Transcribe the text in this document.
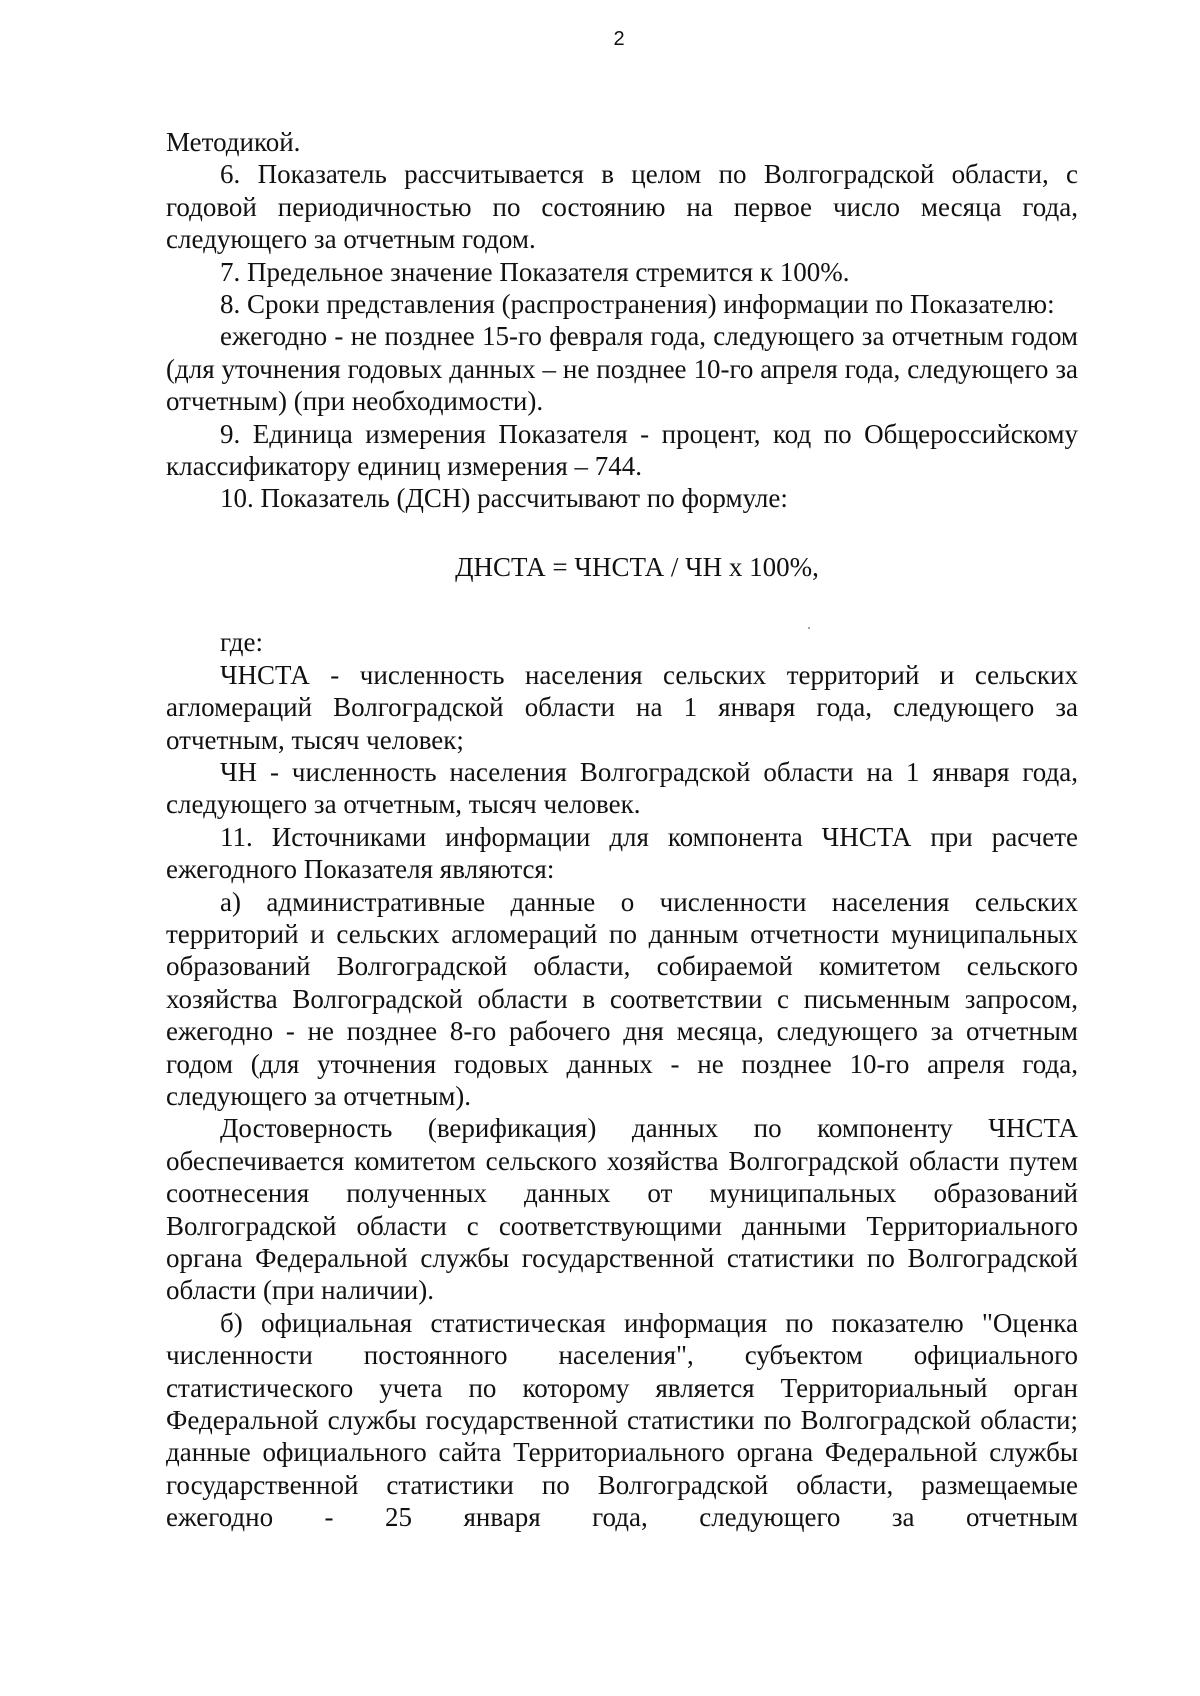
2

Методикой.

6. Показатель рассчитывается в целом по Волгоградской области, с годовой периодичностью по состоянию на первое число месяца года, следующего за отчетным годом.

7. Предельное значение Показателя стремится к 100%.

8. Сроки представления (распространения) информации по Показателю:

ежегодно - не позднее 15-го февраля года, следующего за отчетным годом (для уточнения годовых данных – не позднее 10-го апреля года, следующего за отчетным) (при необходимости).

9. Единица измерения Показателя - процент, код по Общероссийскому классификатору единиц измерения – 744.

10. Показатель (ДСН) рассчитывают по формуле:

ДНСТА = ЧНСТА / ЧН х 100%,

где:

ЧНСТА - численность населения сельских территорий и сельских агломераций Волгоградской области на 1 января года, следующего за отчетным, тысяч человек;

ЧН - численность населения Волгоградской области на 1 января года, следующего за отчетным, тысяч человек.

11. Источниками информации для компонента ЧНСТА при расчете ежегодного Показателя являются:

а) административные данные о численности населения сельских территорий и сельских агломераций по данным отчетности муниципальных образований Волгоградской области, собираемой комитетом сельского хозяйства Волгоградской области в соответствии с письменным запросом, ежегодно - не позднее 8-го рабочего дня месяца, следующего за отчетным годом (для уточнения годовых данных - не позднее 10-го апреля года, следующего за отчетным).

Достоверность (верификация) данных по компоненту ЧНСТА обеспечивается комитетом сельского хозяйства Волгоградской области путем соотнесения полученных данных от муниципальных образований Волгоградской области с соответствующими данными Территориального органа Федеральной службы государственной статистики по Волгоградской области (при наличии).

б) официальная статистическая информация по показателю "Оценка численности постоянного населения", субъектом официального статистического учета по которому является Территориальный орган Федеральной службы государственной статистики по Волгоградской области; данные официального сайта Территориального органа Федеральной службы государственной статистики по Волгоградской области, размещаемые ежегодно - 25 января года, следующего за отчетным
